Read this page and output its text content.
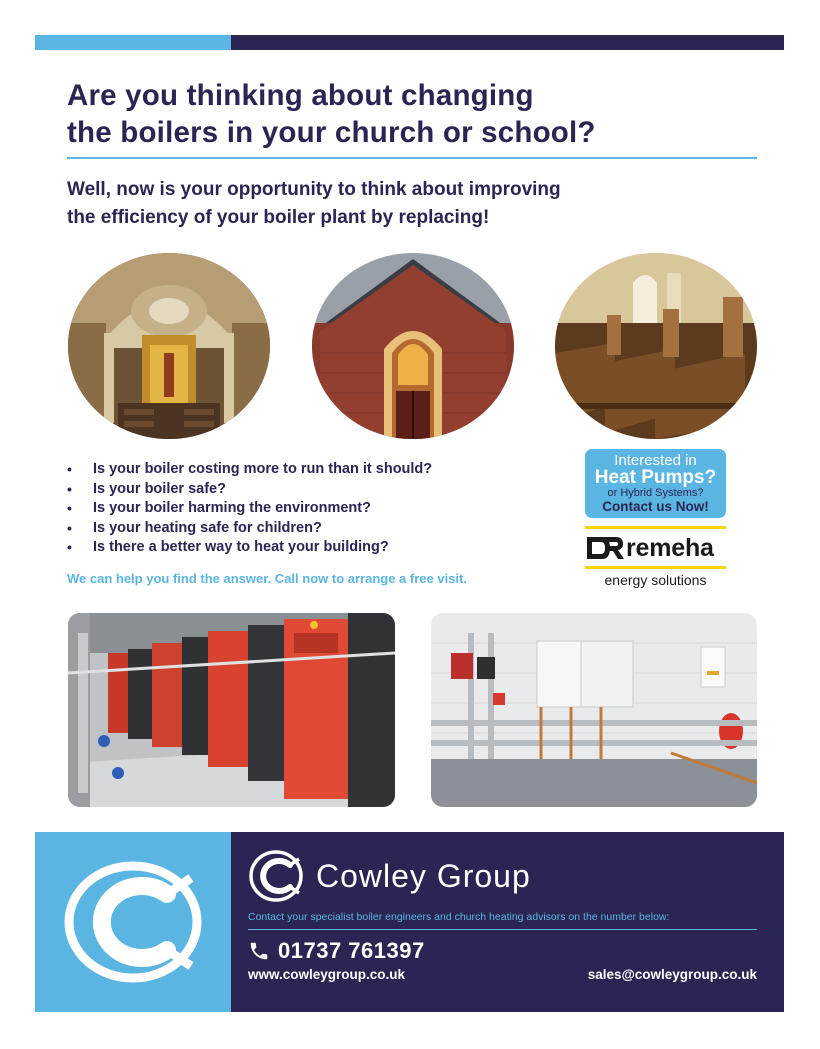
Are you thinking about changing
the boilers in your church or school?
Well, now is your opportunity to think about improving
the efficiency of your boiler plant by replacing!
• Is your boiler costing more to run than it should?
• Is your boiler safe?
• Is your boiler harming the environment?
• Is your heating safe for children?
• Is there a better way to heat your building?
We can help you find the answer. Call now to arrange a free visit.
Interested in
Heat Pumps?
or Hybrid Systems?
Contact us Now!
remeha
energy solutions
Cowley Group
Contact your specialist boiler engineers and church heating advisors on the number below:
01737 761397
www.cowleygroup.co.uk	sales@cowleygroup.co.uk
